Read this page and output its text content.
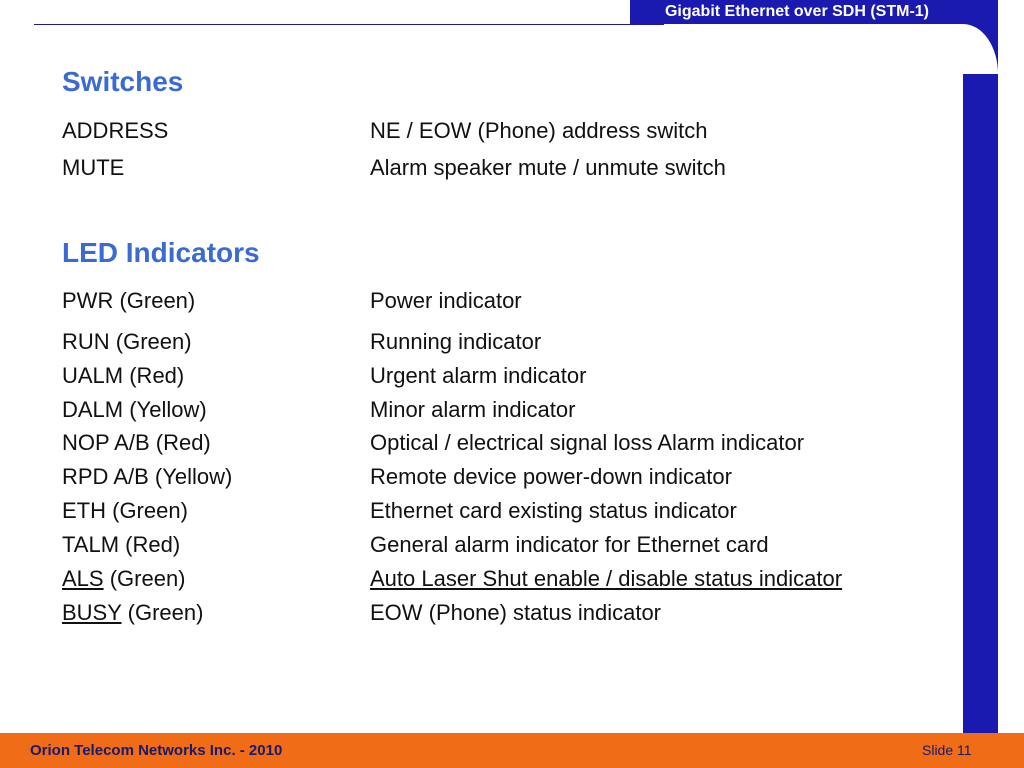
Gigabit Ethernet over SDH (STM-1)
Switches
ADDRESS	NE / EOW (Phone) address switch
MUTE	Alarm speaker mute / unmute switch
LED Indicators
PWR (Green)	Power indicator
RUN (Green)	Running indicator
UALM (Red)	Urgent alarm indicator
DALM (Yellow)	Minor alarm indicator
NOP A/B (Red)	Optical / electrical signal loss Alarm indicator
RPD A/B (Yellow)	Remote device power-down indicator
ETH (Green)	Ethernet card existing status indicator
TALM (Red)	General alarm indicator for Ethernet card
ALS (Green)	Auto Laser Shut enable / disable status indicator
BUSY (Green)	EOW (Phone) status indicator
Orion Telecom Networks Inc. - 2010	Slide 11
